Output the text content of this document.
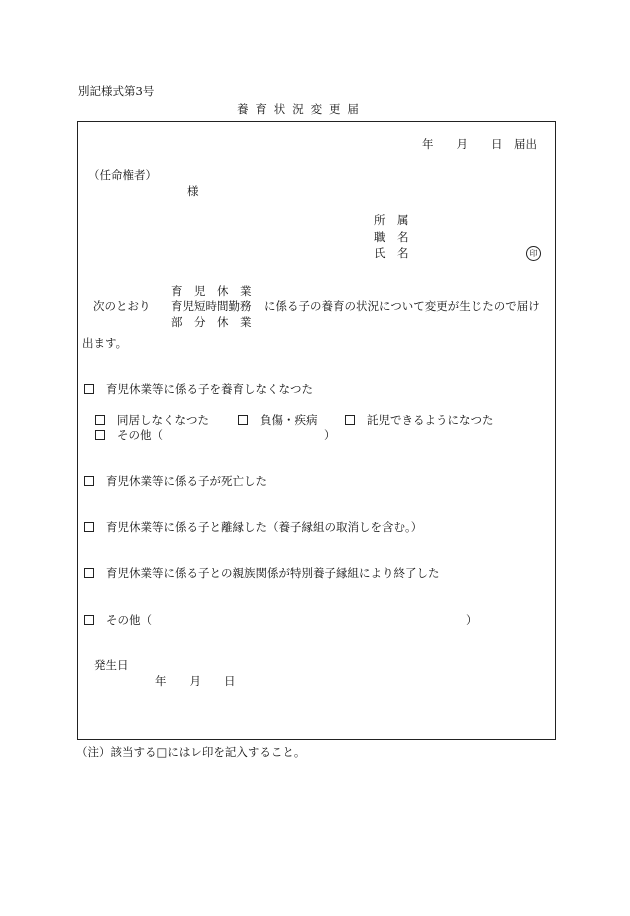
別記様式第3号
養育状況変更届
年　　月　　日　届出
（任命権者）
様
所　属
職　名
氏　名	印
育　児　休　業
次のとおり 育児短時間勤務 に係る子の養育の状況について変更が生じたので届け
部　分　休　業
出ます。
育児休業等に係る子を養育しなくなつた
同居しなくなつた	負傷・疾病	託児できるようになつた
その他（　　　　　　　　　　　　　　）
育児休業等に係る子が死亡した
育児休業等に係る子と離縁した（養子縁組の取消しを含む。）
育児休業等に係る子との親族関係が特別養子縁組により終了した
その他（	）
発生日
年　　月　　日
（注）該当する□にはレ印を記入すること。
